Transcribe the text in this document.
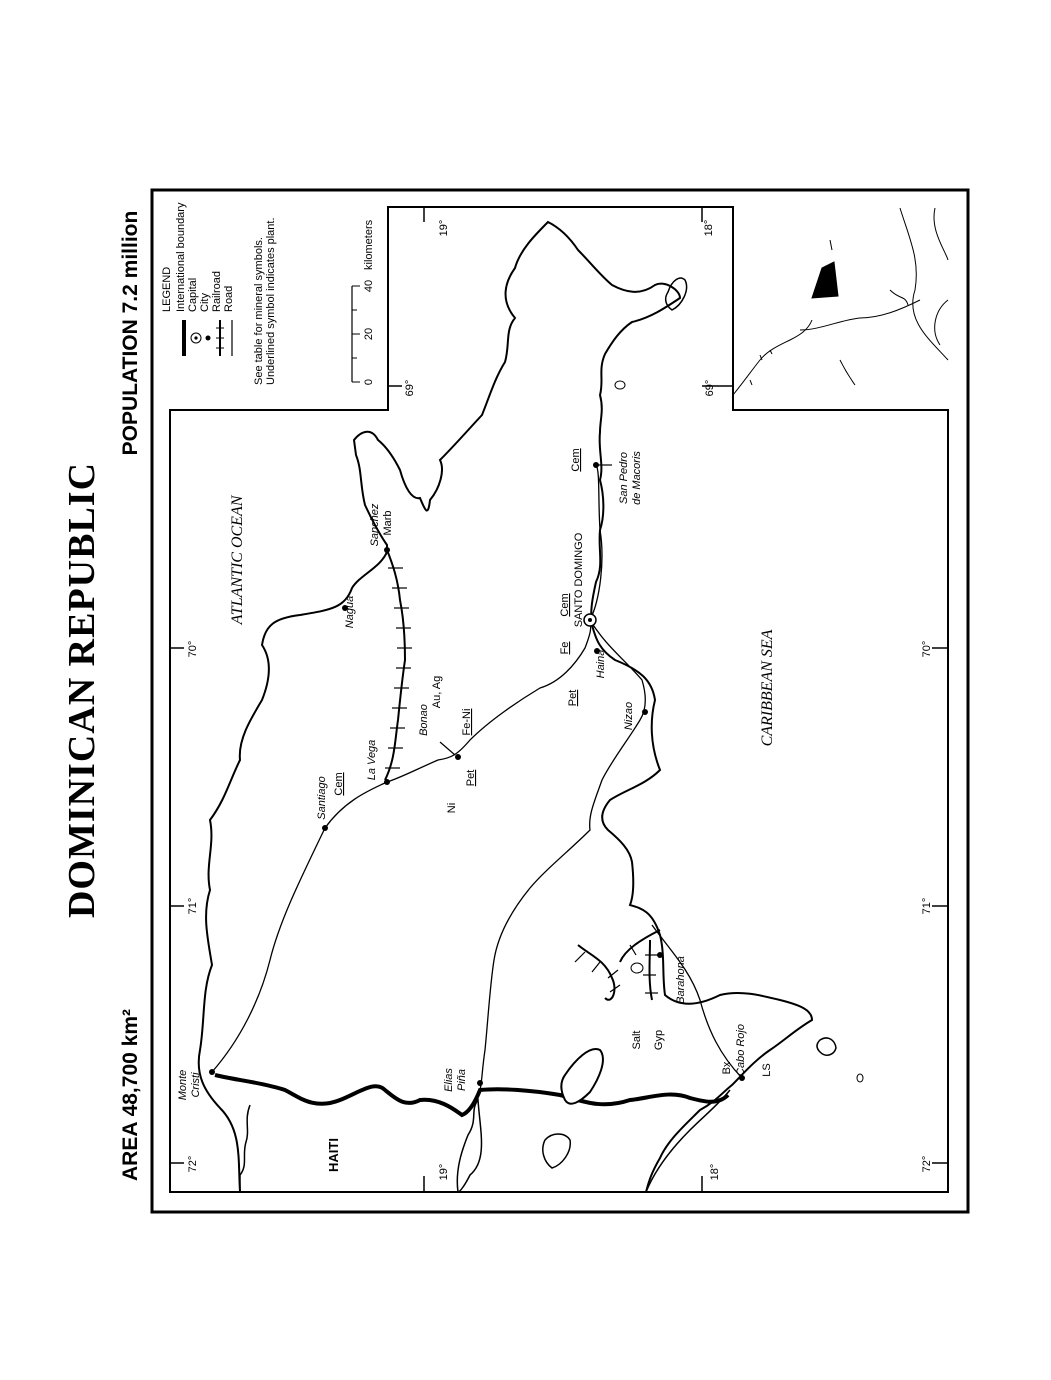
DOMINICAN REPUBLIC
AREA 48,700 km²
POPULATION 7.2 million
72°
71°
70°
69°
72°
71°
70°
69°
19°	18°
19°	18°
Monte Cristi
Santiago
La Vega
Bonao
Nagua
Sanchez
Haina
Nizao
San Pedro de Macoris
Elias Piña
Barahona
Cabo Rojo
SANTO DOMINGO
Cem
Ni
Pet
Fe-Ni
Au, Ag
Marb
Fe
Cem
Pet
Cem
Salt Gyp
Bx	LS
ATLANTIC OCEAN
CARIBBEAN SEA
HAITI
LEGEND International boundary Capital City Railroad Road See table for mineral symbols. Underlined symbol indicates plant.	0
20
40
kilometers
